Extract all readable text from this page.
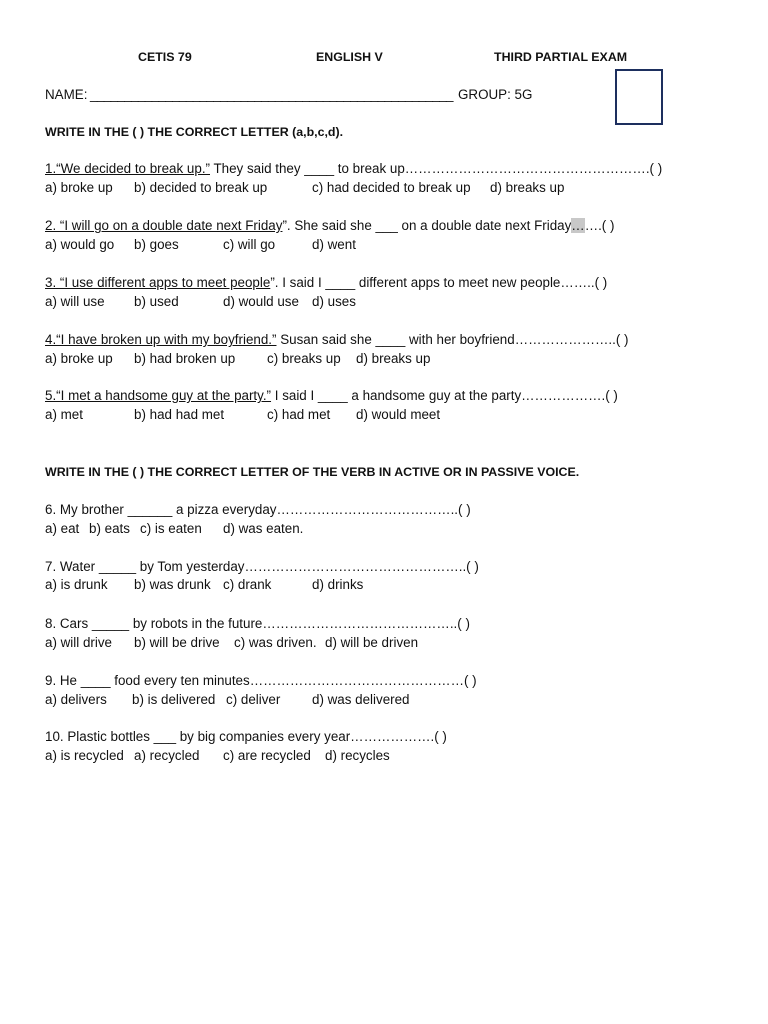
CETIS 79	ENGLISH V	THIRD PARTIAL EXAM
NAME: _____________________________________________________ GROUP: 5G
WRITE IN THE ( ) THE CORRECT LETTER (a,b,c,d).
1.“We decided to break up.” They said they ____ to break up……………………………………………….( )
a) broke up b) decided to break up	c) had decided to break up d) breaks up
2. “I will go on a double date next Friday”. She said she ___ on a double date next Friday…….( )
a) would go b) goes	c) will go	d) went
3. “I use different apps to meet people”. I said I ____ different apps to meet new people……..( )
a) will use b) used	d) would use d) uses
4.“I have broken up with my boyfriend.” Susan said she ____ with her boyfriend…………………..( )
a) broke up b) had broken up c) breaks up d) breaks up
5.“I met a handsome guy at the party.” I said I ____ a handsome guy at the party……………….( )
a) met	b) had had met	c) had met d) would meet
WRITE IN THE ( ) THE CORRECT LETTER OF THE VERB IN ACTIVE OR IN PASSIVE VOICE.
6. My brother ______ a pizza everyday…………………………………..( )
a) eat b) eats c) is eaten d) was eaten.
7. Water _____ by Tom yesterday…………………………………………..( )
a) is drunk b) was drunk c) drank	d) drinks
8. Cars _____ by robots in the future……………………………………..( )
a) will drive b) will be drive c) was driven. d) will be driven
9. He ____ food every ten minutes…………………………………………( )
a) delivers b) is delivered c) deliver d) was delivered
10. Plastic bottles ___ by big companies every year……………….( )
a) is recycled a) recycled c) are recycled d) recycles
